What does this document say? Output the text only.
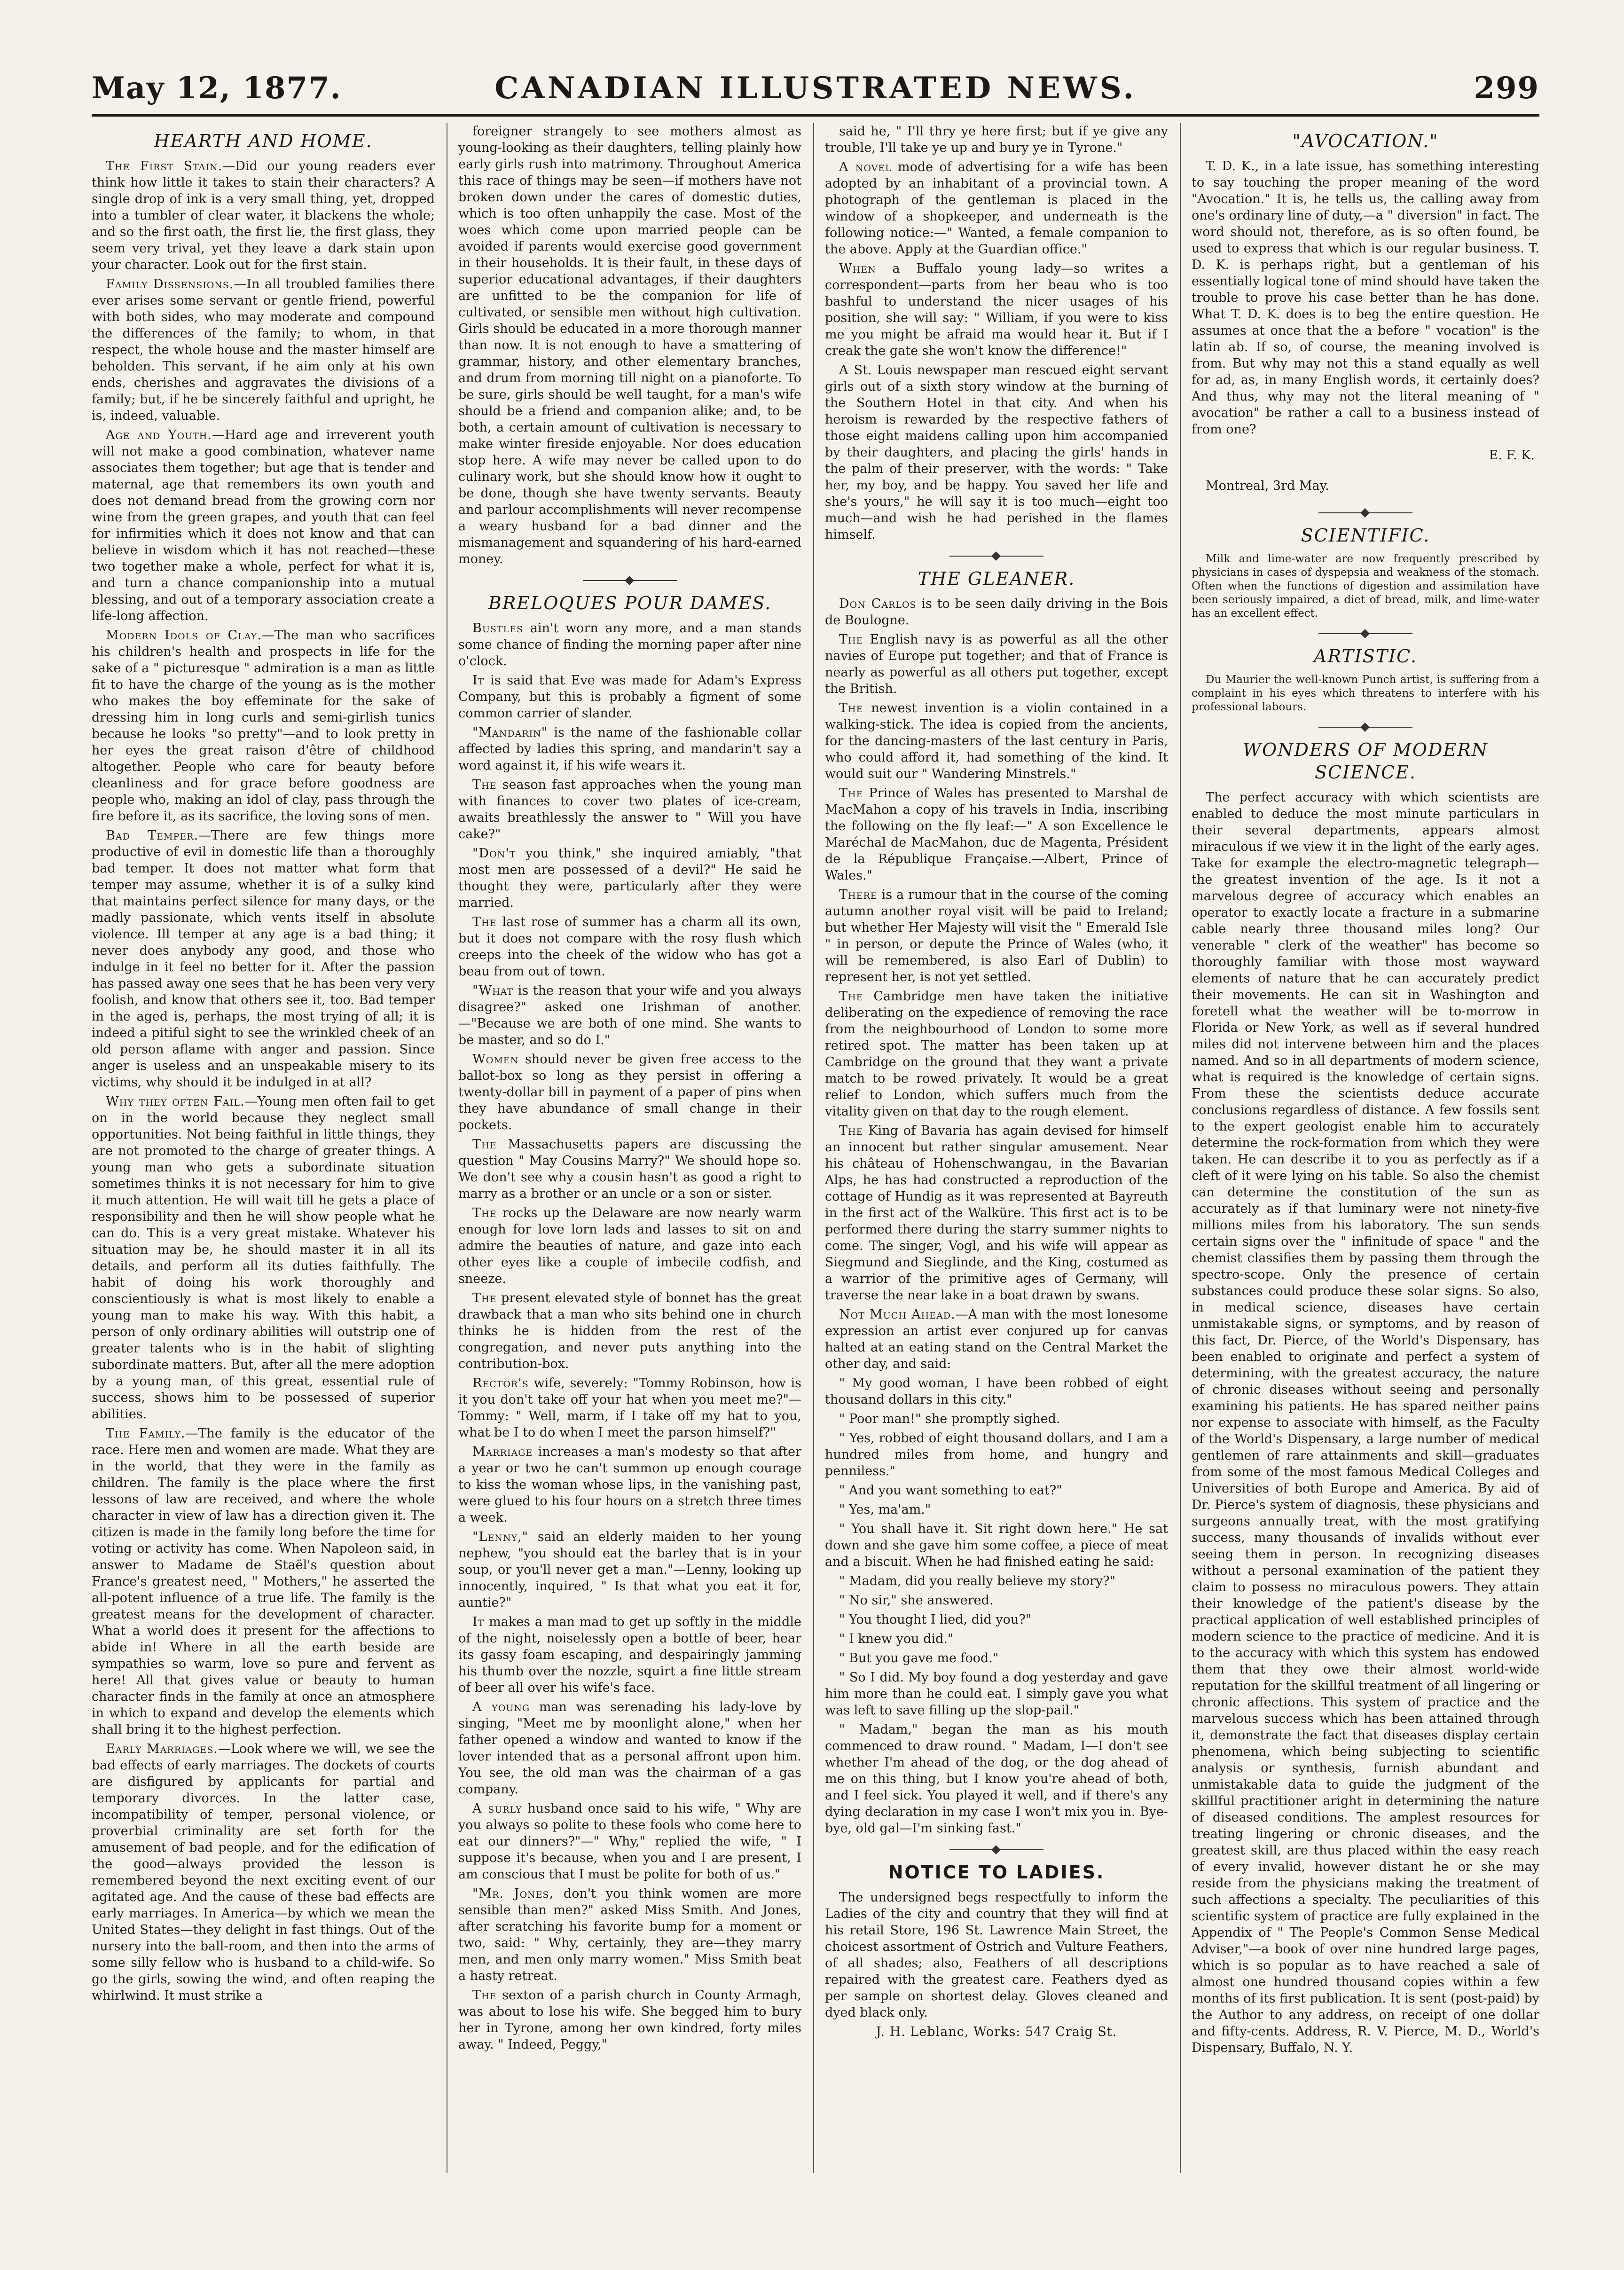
May 12, 1877.	CANADIAN ILLUSTRATED NEWS.	299
HEARTH AND HOME.

The First Stain.—Did our young readers ever think how little it takes to stain their characters? A single drop of ink is a very small thing, yet, dropped into a tumbler of clear water, it blackens the whole; and so the first oath, the first lie, the first glass, they seem very trival, yet they leave a dark stain upon your character. Look out for the first stain.

Family Dissensions.—In all troubled families there ever arises some servant or gentle friend, powerful with both sides, who may moderate and compound the differences of the family; to whom, in that respect, the whole house and the master himself are beholden. This servant, if he aim only at his own ends, cherishes and aggravates the divisions of a family; but, if he be sincerely faithful and upright, he is, indeed, valuable.

Age and Youth.—Hard age and irreverent youth will not make a good combination, whatever name associates them together; but age that is tender and maternal, age that remembers its own youth and does not demand bread from the growing corn nor wine from the green grapes, and youth that can feel for infirmities which it does not know and that can believe in wisdom which it has not reached—these two together make a whole, perfect for what it is, and turn a chance companionship into a mutual blessing, and out of a temporary association create a life-long affection.

Modern Idols of Clay.—The man who sacrifices his children's health and prospects in life for the sake of a " picturesque " admiration is a man as little fit to have the charge of the young as is the mother who makes the boy effeminate for the sake of dressing him in long curls and semi-girlish tunics because he looks "so pretty"—and to look pretty in her eyes the great raison d'être of childhood altogether. People who care for beauty before cleanliness and for grace before goodness are people who, making an idol of clay, pass through the fire before it, as its sacrifice, the loving sons of men.

Bad Temper.—There are few things more productive of evil in domestic life than a thoroughly bad temper. It does not matter what form that temper may assume, whether it is of a sulky kind that maintains perfect silence for many days, or the madly passionate, which vents itself in absolute violence. Ill temper at any age is a bad thing; it never does anybody any good, and those who indulge in it feel no better for it. After the passion has passed away one sees that he has been very very foolish, and know that others see it, too. Bad temper in the aged is, perhaps, the most trying of all; it is indeed a pitiful sight to see the wrinkled cheek of an old person aflame with anger and passion. Since anger is useless and an unspeakable misery to its victims, why should it be indulged in at all?

Why they often Fail.—Young men often fail to get on in the world because they neglect small opportunities. Not being faithful in little things, they are not promoted to the charge of greater things. A young man who gets a subordinate situation sometimes thinks it is not necessary for him to give it much attention. He will wait till he gets a place of responsibility and then he will show people what he can do. This is a very great mistake. Whatever his situation may be, he should master it in all its details, and perform all its duties faithfully. The habit of doing his work thoroughly and conscientiously is what is most likely to enable a young man to make his way. With this habit, a person of only ordinary abilities will outstrip one of greater talents who is in the habit of slighting subordinate matters. But, after all the mere adoption by a young man, of this great, essential rule of success, shows him to be possessed of superior abilities.

The Family.—The family is the educator of the race. Here men and women are made. What they are in the world, that they were in the family as children. The family is the place where the first lessons of law are received, and where the whole character in view of law has a direction given it. The citizen is made in the family long before the time for voting or activity has come. When Napoleon said, in answer to Madame de Staël's question about France's greatest need, " Mothers," he asserted the all-potent influence of a true life. The family is the greatest means for the development of character. What a world does it present for the affections to abide in! Where in all the earth beside are sympathies so warm, love so pure and fervent as here! All that gives value or beauty to human character finds in the family at once an atmosphere in which to expand and develop the elements which shall bring it to the highest perfection.

Early Marriages.—Look where we will, we see the bad effects of early marriages. The dockets of courts are disfigured by applicants for partial and temporary divorces. In the latter case, incompatibility of temper, personal violence, or proverbial criminality are set forth for the amusement of bad people, and for the edification of the good—always provided the lesson is remembered beyond the next exciting event of our agitated age. And the cause of these bad effects are early marriages. In America—by which we mean the United States—they delight in fast things. Out of the nursery into the ball-room, and then into the arms of some silly fellow who is husband to a child-wife. So go the girls, sowing the wind, and often reaping the whirlwind. It must strike a

foreigner strangely to see mothers almost as young-looking as their daughters, telling plainly how early girls rush into matrimony. Throughout America this race of things may be seen—if mothers have not broken down under the cares of domestic duties, which is too often unhappily the case. Most of the woes which come upon married people can be avoided if parents would exercise good government in their households. It is their fault, in these days of superior educational advantages, if their daughters are unfitted to be the companion for life of cultivated, or sensible men without high cultivation. Girls should be educated in a more thorough manner than now. It is not enough to have a smattering of grammar, history, and other elementary branches, and drum from morning till night on a pianoforte. To be sure, girls should be well taught, for a man's wife should be a friend and companion alike; and, to be both, a certain amount of cultivation is necessary to make winter fireside enjoyable. Nor does education stop here. A wife may never be called upon to do culinary work, but she should know how it ought to be done, though she have twenty servants. Beauty and parlour accomplishments will never recompense a weary husband for a bad dinner and the mismanagement and squandering of his hard-earned money.

BRELOQUES POUR DAMES.

Bustles ain't worn any more, and a man stands some chance of finding the morning paper after nine o'clock.

It is said that Eve was made for Adam's Express Company, but this is probably a figment of some common carrier of slander.

"Mandarin" is the name of the fashionable collar affected by ladies this spring, and mandarin't say a word against it, if his wife wears it.

The season fast approaches when the young man with finances to cover two plates of ice-cream, awaits breathlessly the answer to " Will you have cake?"

"Don't you think," she inquired amiably, "that most men are possessed of a devil?" He said he thought they were, particularly after they were married.

The last rose of summer has a charm all its own, but it does not compare with the rosy flush which creeps into the cheek of the widow who has got a beau from out of town.

"What is the reason that your wife and you always disagree?" asked one Irishman of another.—"Because we are both of one mind. She wants to be master, and so do I."

Women should never be given free access to the ballot-box so long as they persist in offering a twenty-dollar bill in payment of a paper of pins when they have abundance of small change in their pockets.

The Massachusetts papers are discussing the question " May Cousins Marry?" We should hope so. We don't see why a cousin hasn't as good a right to marry as a brother or an uncle or a son or sister.

The rocks up the Delaware are now nearly warm enough for love lorn lads and lasses to sit on and admire the beauties of nature, and gaze into each other eyes like a couple of imbecile codfish, and sneeze.

The present elevated style of bonnet has the great drawback that a man who sits behind one in church thinks he is hidden from the rest of the congregation, and never puts anything into the contribution-box.

Rector's wife, severely: "Tommy Robinson, how is it you don't take off your hat when you meet me?"—Tommy: " Well, marm, if I take off my hat to you, what be I to do when I meet the parson himself?"

Marriage increases a man's modesty so that after a year or two he can't summon up enough courage to kiss the woman whose lips, in the vanishing past, were glued to his four hours on a stretch three times a week.

"Lenny," said an elderly maiden to her young nephew, "you should eat the barley that is in your soup, or you'll never get a man."—Lenny, looking up innocently, inquired, " Is that what you eat it for, auntie?"

It makes a man mad to get up softly in the middle of the night, noiselessly open a bottle of beer, hear its gassy foam escaping, and despairingly jamming his thumb over the nozzle, squirt a fine little stream of beer all over his wife's face.

A young man was serenading his lady-love by singing, "Meet me by moonlight alone," when her father opened a window and wanted to know if the lover intended that as a personal affront upon him. You see, the old man was the chairman of a gas company.

A surly husband once said to his wife, " Why are you always so polite to these fools who come here to eat our dinners?"—" Why," replied the wife, " I suppose it's because, when you and I are present, I am conscious that I must be polite for both of us."

"Mr. Jones, don't you think women are more sensible than men?" asked Miss Smith. And Jones, after scratching his favorite bump for a moment or two, said: " Why, certainly, they are—they marry men, and men only marry women." Miss Smith beat a hasty retreat.

The sexton of a parish church in County Armagh, was about to lose his wife. She begged him to bury her in Tyrone, among her own kindred, forty miles away. " Indeed, Peggy,"

said he, " I'll thry ye here first; but if ye give any trouble, I'll take ye up and bury ye in Tyrone."

A novel mode of advertising for a wife has been adopted by an inhabitant of a provincial town. A photograph of the gentleman is placed in the window of a shopkeeper, and underneath is the following notice:—" Wanted, a female companion to the above. Apply at the Guardian office."

When a Buffalo young lady—so writes a correspondent—parts from her beau who is too bashful to understand the nicer usages of his position, she will say: " William, if you were to kiss me you might be afraid ma would hear it. But if I creak the gate she won't know the difference!"

A St. Louis newspaper man rescued eight servant girls out of a sixth story window at the burning of the Southern Hotel in that city. And when his heroism is rewarded by the respective fathers of those eight maidens calling upon him accompanied by their daughters, and placing the girls' hands in the palm of their preserver, with the words: " Take her, my boy, and be happy. You saved her life and she's yours," he will say it is too much—eight too much—and wish he had perished in the flames himself.

THE GLEANER.

Don Carlos is to be seen daily driving in the Bois de Boulogne.

The English navy is as powerful as all the other navies of Europe put together; and that of France is nearly as powerful as all others put together, except the British.

The newest invention is a violin contained in a walking-stick. The idea is copied from the ancients, for the dancing-masters of the last century in Paris, who could afford it, had something of the kind. It would suit our " Wandering Minstrels."

The Prince of Wales has presented to Marshal de MacMahon a copy of his travels in India, inscribing the following on the fly leaf:—" A son Excellence le Maréchal de MacMahon, duc de Magenta, Président de la République Française.—Albert, Prince of Wales."

There is a rumour that in the course of the coming autumn another royal visit will be paid to Ireland; but whether Her Majesty will visit the " Emerald Isle " in person, or depute the Prince of Wales (who, it will be remembered, is also Earl of Dublin) to represent her, is not yet settled.

The Cambridge men have taken the initiative deliberating on the expedience of removing the race from the neighbourhood of London to some more retired spot. The matter has been taken up at Cambridge on the ground that they want a private match to be rowed privately. It would be a great relief to London, which suffers much from the vitality given on that day to the rough element.

The King of Bavaria has again devised for himself an innocent but rather singular amusement. Near his château of Hohenschwangau, in the Bavarian Alps, he has had constructed a reproduction of the cottage of Hundig as it was represented at Bayreuth in the first act of the Walküre. This first act is to be performed there during the starry summer nights to come. The singer, Vogl, and his wife will appear as Siegmund and Sieglinde, and the King, costumed as a warrior of the primitive ages of Germany, will traverse the near lake in a boat drawn by swans.

Not Much Ahead.—A man with the most lonesome expression an artist ever conjured up for canvas halted at an eating stand on the Central Market the other day, and said:

" My good woman, I have been robbed of eight thousand dollars in this city."

" Poor man!" she promptly sighed.

" Yes, robbed of eight thousand dollars, and I am a hundred miles from home, and hungry and penniless."

" And you want something to eat?"

" Yes, ma'am."

" You shall have it. Sit right down here." He sat down and she gave him some coffee, a piece of meat and a biscuit. When he had finished eating he said:

" Madam, did you really believe my story?"

" No sir," she answered.

" You thought I lied, did you?"

" I knew you did."

" But you gave me food."

" So I did. My boy found a dog yesterday and gave him more than he could eat. I simply gave you what was left to save filling up the slop-pail."

" Madam," began the man as his mouth commenced to draw round. " Madam, I—I don't see whether I'm ahead of the dog, or the dog ahead of me on this thing, but I know you're ahead of both, and I feel sick. You played it well, and if there's any dying declaration in my case I won't mix you in. Bye-bye, old gal—I'm sinking fast."

NOTICE TO LADIES.

The undersigned begs respectfully to inform the Ladies of the city and country that they will find at his retail Store, 196 St. Lawrence Main Street, the choicest assortment of Ostrich and Vulture Feathers, of all shades; also, Feathers of all descriptions repaired with the greatest care. Feathers dyed as per sample on shortest delay. Gloves cleaned and dyed black only.

J. H. Leblanc, Works: 547 Craig St.
"AVOCATION."

T. D. K., in a late issue, has something interesting to say touching the proper meaning of the word "Avocation." It is, he tells us, the calling away from one's ordinary line of duty,—a " diversion" in fact. The word should not, therefore, as is so often found, be used to express that which is our regular business. T. D. K. is perhaps right, but a gentleman of his essentially logical tone of mind should have taken the trouble to prove his case better than he has done. What T. D. K. does is to beg the entire question. He assumes at once that the a before " vocation" is the latin ab. If so, of course, the meaning involved is from. But why may not this a stand equally as well for ad, as, in many English words, it certainly does? And thus, why may not the literal meaning of " avocation" be rather a call to a business instead of from one?

E. F. K.

Montreal, 3rd May.

SCIENTIFIC.

Milk and lime-water are now frequently prescribed by physicians in cases of dyspepsia and weakness of the stomach. Often when the functions of digestion and assimilation have been seriously impaired, a diet of bread, milk, and lime-water has an excellent effect.

ARTISTIC.

Du Maurier the well-known Punch artist, is suffering from a complaint in his eyes which threatens to interfere with his professional labours.

WONDERS OF MODERN SCIENCE.

The perfect accuracy with which scientists are enabled to deduce the most minute particulars in their several departments, appears almost miraculous if we view it in the light of the early ages. Take for example the electro-magnetic telegraph—the greatest invention of the age. Is it not a marvelous degree of accuracy which enables an operator to exactly locate a fracture in a submarine cable nearly three thousand miles long? Our venerable " clerk of the weather" has become so thoroughly familiar with those most wayward elements of nature that he can accurately predict their movements. He can sit in Washington and foretell what the weather will be to-morrow in Florida or New York, as well as if several hundred miles did not intervene between him and the places named. And so in all departments of modern science, what is required is the knowledge of certain signs. From these the scientists deduce accurate conclusions regardless of distance. A few fossils sent to the expert geologist enable him to accurately determine the rock-formation from which they were taken. He can describe it to you as perfectly as if a cleft of it were lying on his table. So also the chemist can determine the constitution of the sun as accurately as if that luminary were not ninety-five millions miles from his laboratory. The sun sends certain signs over the " infinitude of space " and the chemist classifies them by passing them through the spectro-scope. Only the presence of certain substances could produce these solar signs. So also, in medical science, diseases have certain unmistakable signs, or symptoms, and by reason of this fact, Dr. Pierce, of the World's Dispensary, has been enabled to originate and perfect a system of determining, with the greatest accuracy, the nature of chronic diseases without seeing and personally examining his patients. He has spared neither pains nor expense to associate with himself, as the Faculty of the World's Dispensary, a large number of medical gentlemen of rare attainments and skill—graduates from some of the most famous Medical Colleges and Universities of both Europe and America. By aid of Dr. Pierce's system of diagnosis, these physicians and surgeons annually treat, with the most gratifying success, many thousands of invalids without ever seeing them in person. In recognizing diseases without a personal examination of the patient they claim to possess no miraculous powers. They attain their knowledge of the patient's disease by the practical application of well established principles of modern science to the practice of medicine. And it is to the accuracy with which this system has endowed them that they owe their almost world-wide reputation for the skillful treatment of all lingering or chronic affections. This system of practice and the marvelous success which has been attained through it, demonstrate the fact that diseases display certain phenomena, which being subjecting to scientific analysis or synthesis, furnish abundant and unmistakable data to guide the judgment of the skillful practitioner aright in determining the nature of diseased conditions. The amplest resources for treating lingering or chronic diseases, and the greatest skill, are thus placed within the easy reach of every invalid, however distant he or she may reside from the physicians making the treatment of such affections a specialty. The peculiarities of this scientific system of practice are fully explained in the Appendix of " The People's Common Sense Medical Adviser,"—a book of over nine hundred large pages, which is so popular as to have reached a sale of almost one hundred thousand copies within a few months of its first publication. It is sent (post-paid) by the Author to any address, on receipt of one dollar and fifty-cents. Address, R. V. Pierce, M. D., World's Dispensary, Buffalo, N. Y.
